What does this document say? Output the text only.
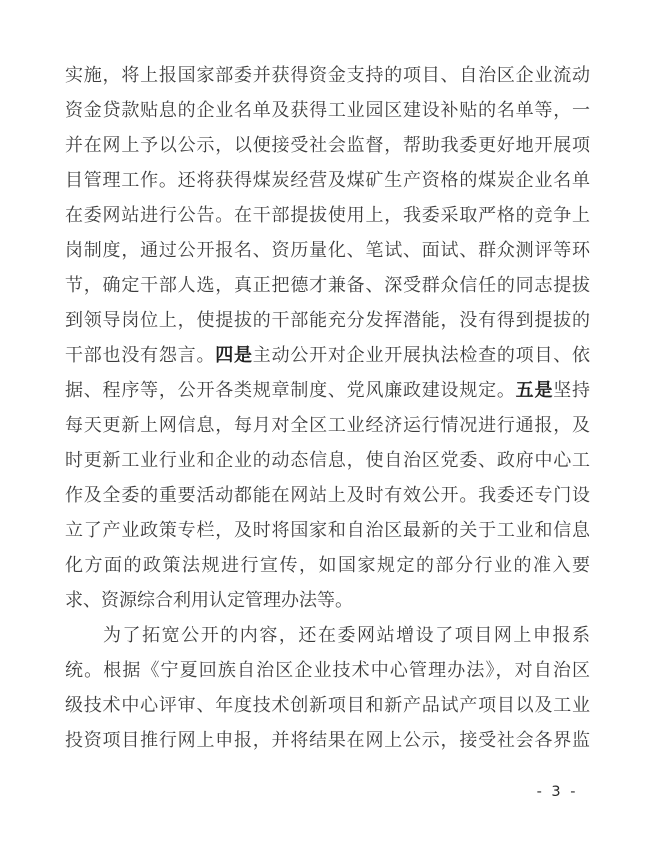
实施，将上报国家部委并获得资金支持的项目、自治区企业流动
资金贷款贴息的企业名单及获得工业园区建设补贴的名单等，一
并在网上予以公示，以便接受社会监督，帮助我委更好地开展项
目管理工作。还将获得煤炭经营及煤矿生产资格的煤炭企业名单
在委网站进行公告。在干部提拔使用上，我委采取严格的竞争上
岗制度，通过公开报名、资历量化、笔试、面试、群众测评等环
节，确定干部人选，真正把德才兼备、深受群众信任的同志提拔
到领导岗位上，使提拔的干部能充分发挥潜能，没有得到提拔的
干部也没有怨言。四是主动公开对企业开展执法检查的项目、依
据、程序等，公开各类规章制度、党风廉政建设规定。五是坚持
每天更新上网信息，每月对全区工业经济运行情况进行通报，及
时更新工业行业和企业的动态信息，使自治区党委、政府中心工
作及全委的重要活动都能在网站上及时有效公开。我委还专门设
立了产业政策专栏，及时将国家和自治区最新的关于工业和信息
化方面的政策法规进行宣传，如国家规定的部分行业的准入要
求、资源综合利用认定管理办法等。
为了拓宽公开的内容，还在委网站增设了项目网上申报系
统。根据《宁夏回族自治区企业技术中心管理办法》，对自治区
级技术中心评审、年度技术创新项目和新产品试产项目以及工业
投资项目推行网上申报，并将结果在网上公示，接受社会各界监
- 3 -
